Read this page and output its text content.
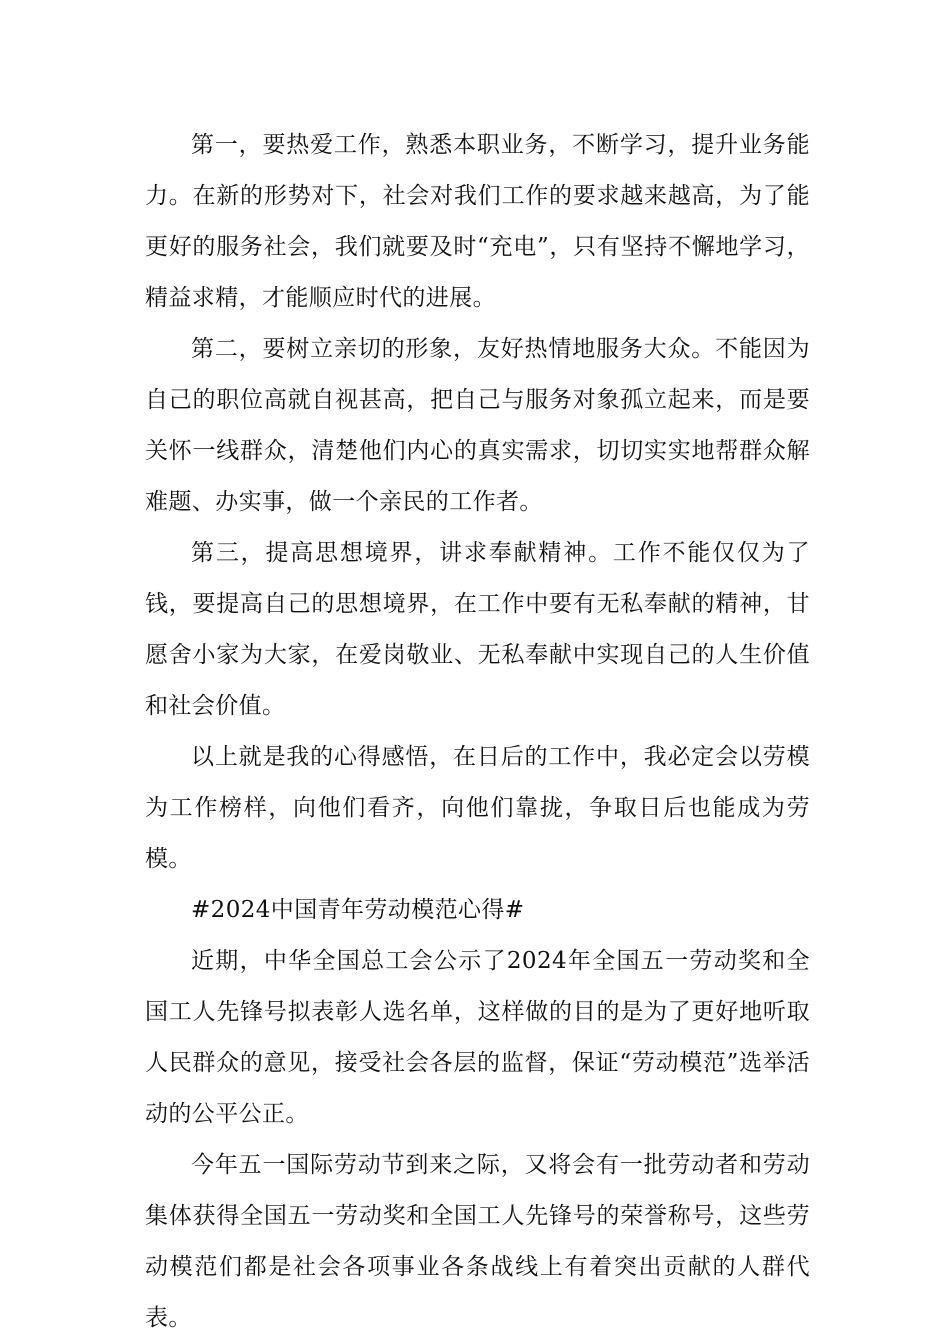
第一，要热爱工作，熟悉本职业务，不断学习，提升业务能力。在新的形势对下，社会对我们工作的要求越来越高，为了能更好的服务社会，我们就要及时“充电”，只有坚持不懈地学习，精益求精，才能顺应时代的进展。

第二，要树立亲切的形象，友好热情地服务大众。不能因为自己的职位高就自视甚高，把自己与服务对象孤立起来，而是要关怀一线群众，清楚他们内心的真实需求，切切实实地帮群众解难题、办实事，做一个亲民的工作者。

第三，提高思想境界，讲求奉献精神。工作不能仅仅为了钱，要提高自己的思想境界，在工作中要有无私奉献的精神，甘愿舍小家为大家，在爱岗敬业、无私奉献中实现自己的人生价值和社会价值。

以上就是我的心得感悟，在日后的工作中，我必定会以劳模为工作榜样，向他们看齐，向他们靠拢，争取日后也能成为劳模。

#2024中国青年劳动模范心得#

近期，中华全国总工会公示了2024年全国五一劳动奖和全国工人先锋号拟表彰人选名单，这样做的目的是为了更好地听取人民群众的意见，接受社会各层的监督，保证“劳动模范”选举活动的公平公正。

今年五一国际劳动节到来之际，又将会有一批劳动者和劳动集体获得全国五一劳动奖和全国工人先锋号的荣誉称号，这些劳动模范们都是社会各项事业各条战线上有着突出贡献的人群代表。
